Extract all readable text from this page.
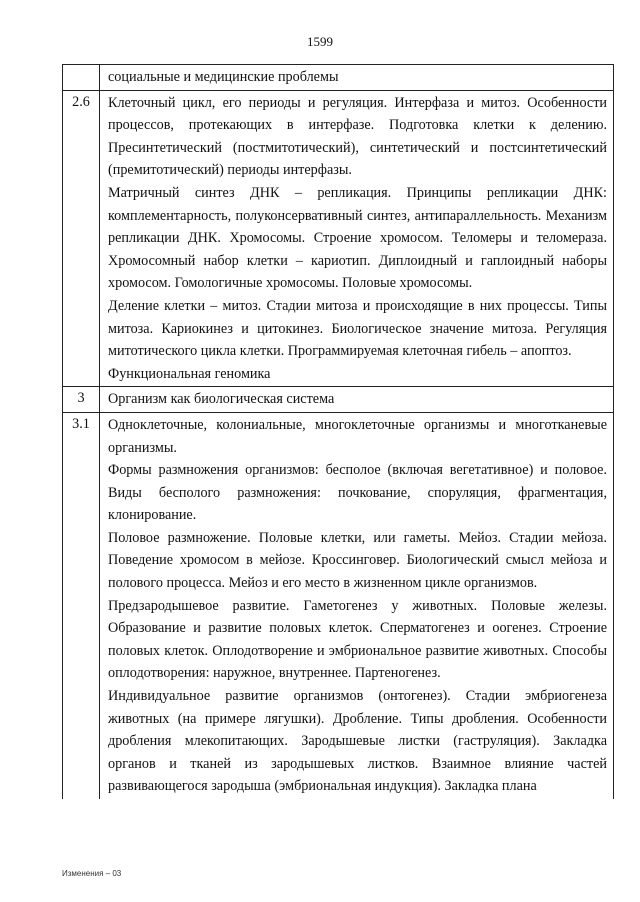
1599

	социальные и медицинские проблемы

2.6	Клеточный цикл, его периоды и регуляция. Интерфаза и митоз. Особенности процессов, протекающих в интерфазе. Подготовка клетки к делению. Пресинтетический (постмитотический), синтетический и постсинтетический (премитотический) периоды интерфазы.

Матричный синтез ДНК – репликация. Принципы репликации ДНК: комплементарность, полуконсервативный синтез, антипараллельность. Механизм репликации ДНК. Хромосомы. Строение хромосом. Теломеры и теломераза. Хромосомный набор клетки – кариотип. Диплоидный и гаплоидный наборы хромосом. Гомологичные хромосомы. Половые хромосомы.

Деление клетки – митоз. Стадии митоза и происходящие в них процессы. Типы митоза. Кариокинез и цитокинез. Биологическое значение митоза. Регуляция митотического цикла клетки. Программируемая клеточная гибель – апоптоз.

Функциональная геномика

3	Организм как биологическая система

3.1	Одноклеточные, колониальные, многоклеточные организмы и многотканевые организмы.

Формы размножения организмов: бесполое (включая вегетативное) и половое. Виды бесполого размножения: почкование, споруляция, фрагментация, клонирование.

Половое размножение. Половые клетки, или гаметы. Мейоз. Стадии мейоза. Поведение хромосом в мейозе. Кроссинговер. Биологический смысл мейоза и полового процесса. Мейоз и его место в жизненном цикле организмов.

Предзародышевое развитие. Гаметогенез у животных. Половые железы. Образование и развитие половых клеток. Сперматогенез и оогенез. Строение половых клеток. Оплодотворение и эмбриональное развитие животных. Способы оплодотворения: наружное, внутреннее. Партеногенез.

Индивидуальное развитие организмов (онтогенез). Стадии эмбриогенеза животных (на примере лягушки). Дробление. Типы дробления. Особенности дробления млекопитающих. Зародышевые листки (гаструляция). Закладка органов и тканей из зародышевых листков. Взаимное влияние частей развивающегося зародыша (эмбриональная индукция). Закладка плана

Изменения – 03
